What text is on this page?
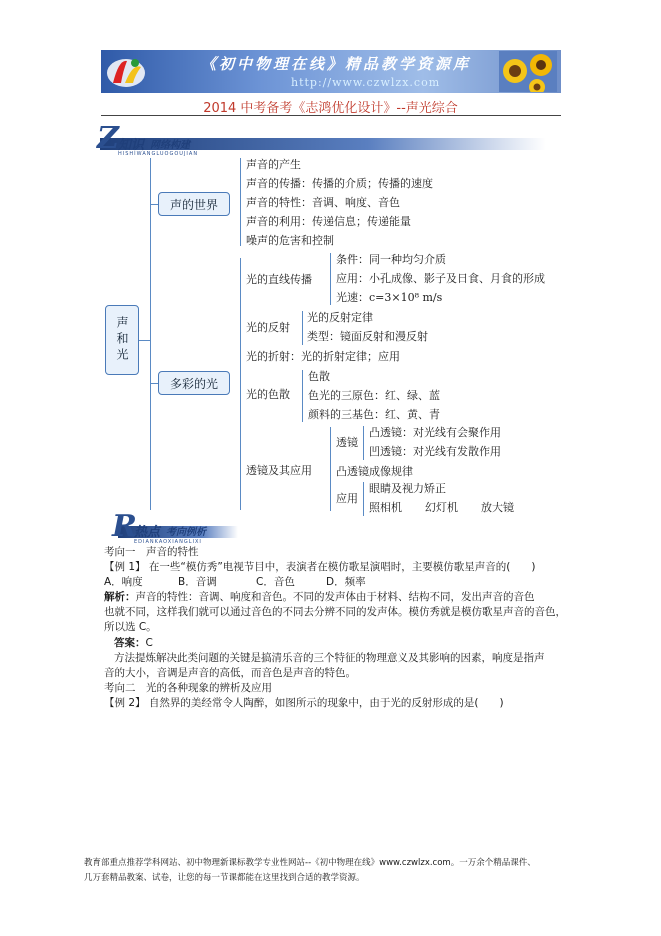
《初中物理在线》精品教学资源库
http://www.czwlzx.com
2014 中考备考《志鸿优化设计》--声光综合
Z 知识 网络构建
HISHIWANGLUOGOUJIAN
声和光
声的世界
声音的产生
声音的传播：传播的介质；传播的速度
声音的特性：音调、响度、音色
声音的利用：传递信息；传递能量
噪声的危害和控制
多彩的光
光的直线传播
条件：同一种均匀介质
应用：小孔成像、影子及日食、月食的形成
光速：c=3×10⁸ m/s
光的反射
光的反射定律
类型：镜面反射和漫反射
光的折射：光的折射定律；应用
光的色散
色散
色光的三原色：红、绿、蓝
颜料的三基色：红、黄、青
透镜及其应用
透镜
凸透镜：对光线有会聚作用
凹透镜：对光线有发散作用
凸透镜成像规律
应用
眼睛及视力矫正
照相机 幻灯机 放大镜
R
热点 考向例析
EDIANKAOXIANGLIXI
考向一　声音的特性
【例 1】 在一些“模仿秀”电视节目中，表演者在模仿歌星演唱时，主要模仿歌星声音的(　　)
A．响度	B．音调	C．音色	D．频率
解析：声音的特性：音调、响度和音色。不同的发声体由于材料、结构不同，发出声音的音色
也就不同，这样我们就可以通过音色的不同去分辨不同的发声体。模仿秀就是模仿歌星声音的音色，
所以选 C。
答案：C
方法提炼解决此类问题的关键是搞清乐音的三个特征的物理意义及其影响的因素，响度是指声
音的大小，音调是声音的高低，而音色是声音的特色。
考向二　光的各种现象的辨析及应用
【例 2】 自然界的美经常令人陶醉，如图所示的现象中，由于光的反射形成的是(　　)
教育部重点推荐学科网站、初中物理新课标教学专业性网站--《初中物理在线》www.czwlzx.com。一万余个精品课件、
几万套精品教案、试卷，让您的每一节课都能在这里找到合适的教学资源。
